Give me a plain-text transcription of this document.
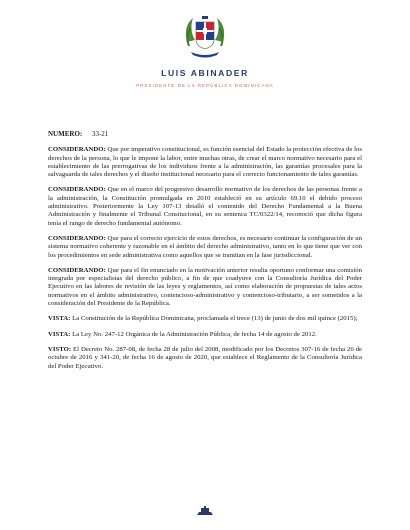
LUIS ABINADER
PRESIDENTE DE LA REPÚBLICA DOMINICANA
NUMERO: 33-21

CONSIDERANDO: Que por imperativo constitucional, es función esencial del Estado la protección efectiva de los derechos de la persona, lo que le impone la labor, entre muchas otras, de crear el marco normativo necesario para el establecimiento de las prerrogativas de los individuos frente a la administración, las garantías procesales para la salvaguarda de tales derechos y el diseño institucional necesario para el correcto funcionamiento de tales garantías.

CONSIDERANDO: Que en el marco del progresivo desarrollo normativo de los derechos de las personas frente a la administración, la Constitución promulgada en 2010 estableció en su artículo 69.10 el debido proceso administrativo. Posteriormente la Ley 107-13 detalló el contenido del Derecho Fundamental a la Buena Administración y finalmente el Tribunal Consitucional, en su sentenca TC/0322/14, reconoció que dicha figura tenía el rango de derecho fundamental autónomo.

CONSIDERANDO: Que para el correcto ejercicio de estos derechos, es necesario continuar la configuración de un sistema normativo coherente y razonable en el ámbito del derecho administrativo, tanto en lo que tiene que ver con los procedimientos en sede administrativa como aquellos que se tramitan en la fase jurisdiccional.

CONSIDERANDO: Que para el fin enunciado en la motivación anterior resulta oportuno conformar una comisión integrada por especialistas del derecho público, a fin de que coadyuve con la Consultoría Jurídica del Poder Ejecutivo en las labores de revisión de las leyes y reglamentos, así como elaboración de propuestas de tales actos normativos en el ámbito administrativo, contencioso-administrativo y contencioso-tributario, a ser sometidos a la consideración del Presidente de la República.

VISTA: La Constitución de la República Dominicana, proclamada el trece (13) de junio de dos mil quince (2015);

VISTA: La Ley No. 247-12 Orgánica de la Administración Pública, de fecha 14 de agosto de 2012.

VISTO: El Decreto No. 287-08, de fecha 28 de julio del 2008, modificado por los Decretos 307-16 de fecha 26 de octubre de 2016 y 341-20, de fecha 16 de agosto de 2020, que establece el Reglamento de la Consultoría Jurídica del Poder Ejecutivo.
